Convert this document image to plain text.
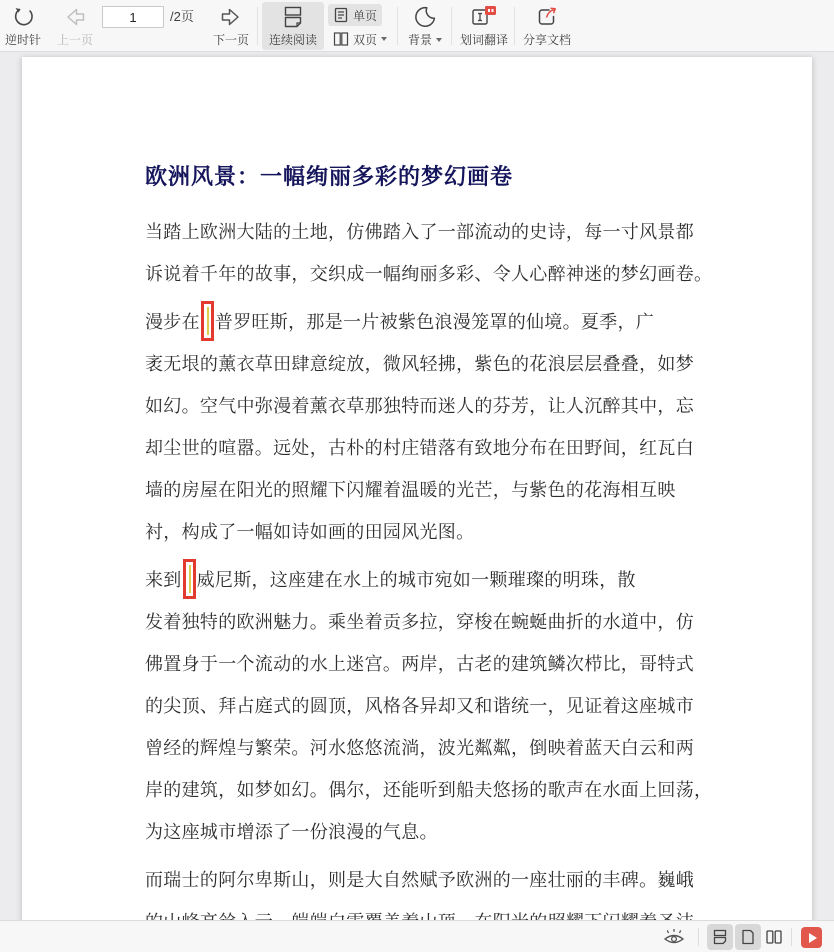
逆时针 上一页
1
/2页
下一页 连续阅读
单页
双页	背景 划词翻译 分享文档
欧洲风景：一幅绚丽多彩的梦幻画卷
当踏上欧洲大陆的土地，仿佛踏入了一部流动的史诗，每一寸风景都
诉说着千年的故事，交织成一幅绚丽多彩、令人心醉神迷的梦幻画卷。
漫步在 普罗旺斯，那是一片被紫色浪漫笼罩的仙境。夏季，广
袤无垠的薰衣草田肆意绽放，微风轻拂，紫色的花浪层层叠叠，如梦
如幻。空气中弥漫着薰衣草那独特而迷人的芬芳，让人沉醉其中，忘
却尘世的喧嚣。远处，古朴的村庄错落有致地分布在田野间，红瓦白
墙的房屋在阳光的照耀下闪耀着温暖的光芒，与紫色的花海相互映
衬，构成了一幅如诗如画的田园风光图。
来到 威尼斯，这座建在水上的城市宛如一颗璀璨的明珠，散
发着独特的欧洲魅力。乘坐着贡多拉，穿梭在蜿蜒曲折的水道中，仿
佛置身于一个流动的水上迷宫。两岸，古老的建筑鳞次栉比，哥特式
的尖顶、拜占庭式的圆顶，风格各异却又和谐统一，见证着这座城市
曾经的辉煌与繁荣。河水悠悠流淌，波光粼粼，倒映着蓝天白云和两
岸的建筑，如梦如幻。偶尔，还能听到船夫悠扬的歌声在水面上回荡，
为这座城市增添了一份浪漫的气息。
而瑞士的阿尔卑斯山，则是大自然赋予欧洲的一座壮丽的丰碑。巍峨
